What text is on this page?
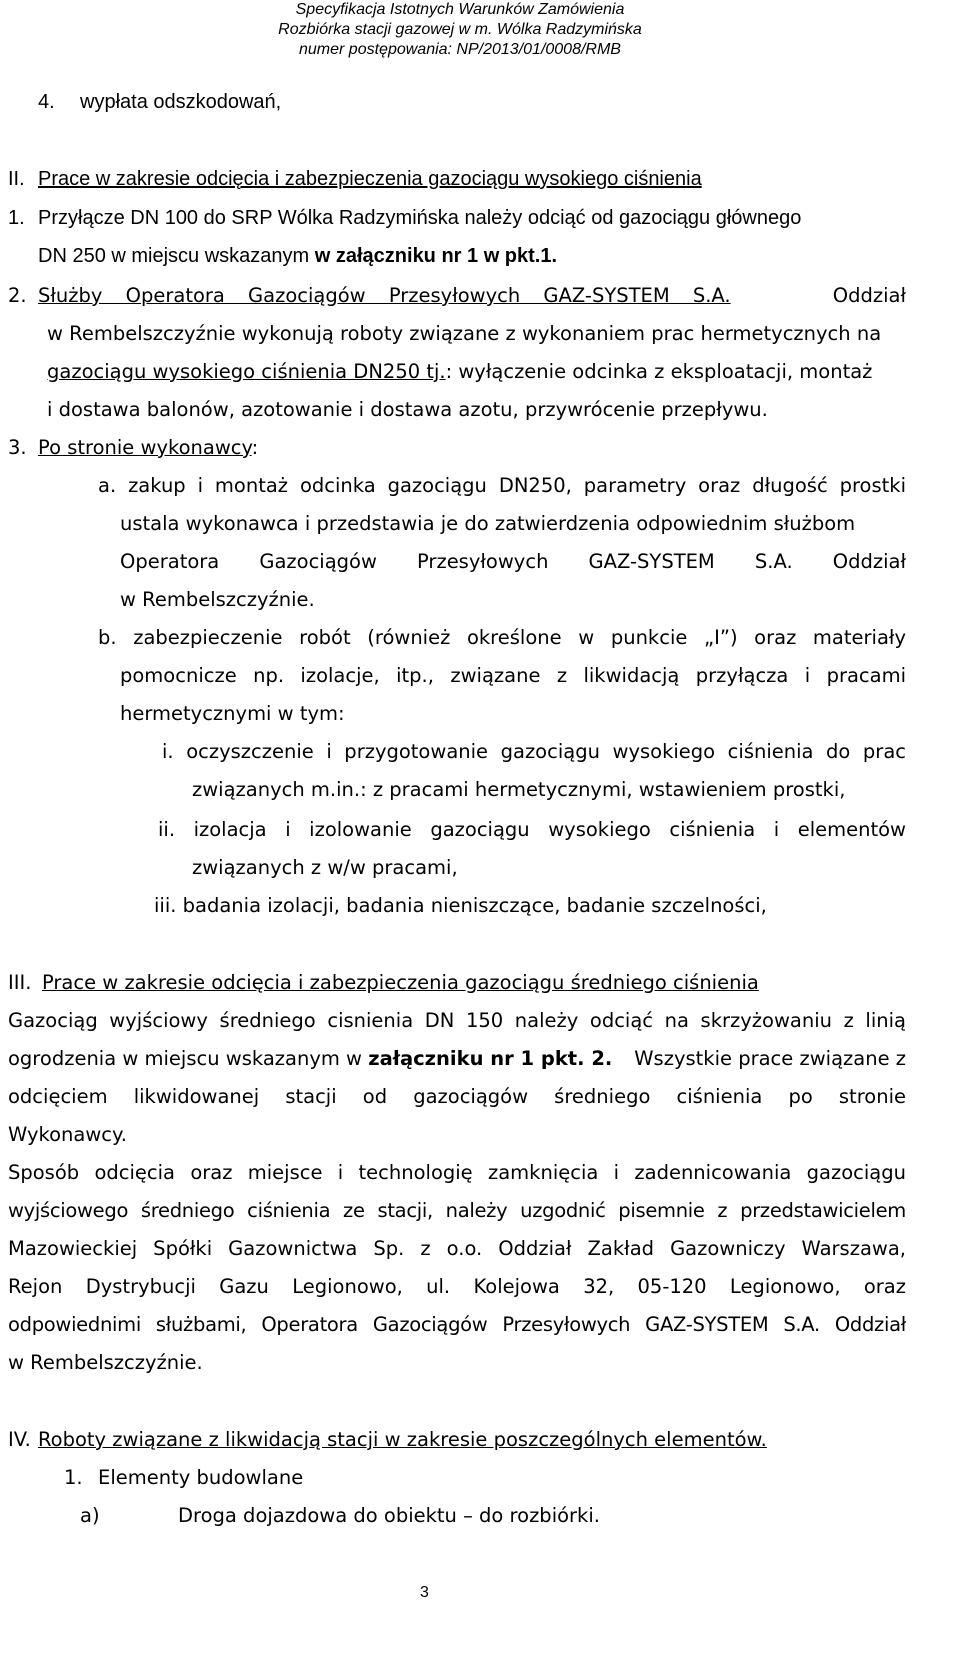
Specyfikacja Istotnych Warunków Zamówienia
Rozbiórka stacji gazowej w m. Wólka Radzymińska
numer postępowania: NP/2013/01/0008/RMB
4. wypłata odszkodowań,
II. Prace w zakresie odcięcia i zabezpieczenia gazociągu wysokiego ciśnienia
1. Przyłącze DN 100 do SRP Wólka Radzymińska należy odciąć od gazociągu głównego
DN 250 w miejscu wskazanym w załączniku nr 1 w pkt.1.
2. Służby Operatora Gazociągów Przesyłowych GAZ-SYSTEM S.A.	Oddział
w Rembelszczyźnie wykonują roboty związane z wykonaniem prac hermetycznych na
gazociągu wysokiego ciśnienia DN250 tj.: wyłączenie odcinka z eksploatacji, montaż
i dostawa balonów, azotowanie i dostawa azotu, przywrócenie przepływu.
3. Po stronie wykonawcy:
a. zakup i montaż odcinka gazociągu DN250, parametry oraz długość prostki
ustala wykonawca i przedstawia je do zatwierdzenia odpowiednim służbom
Operatora Gazociągów Przesyłowych GAZ-SYSTEM S.A. Oddział
w Rembelszczyźnie.
b. zabezpieczenie robót (również określone w punkcie „I”) oraz materiały
pomocnicze np. izolacje, itp., związane z likwidacją przyłącza i pracami
hermetycznymi w tym:
i. oczyszczenie i przygotowanie gazociągu wysokiego ciśnienia do prac
związanych m.in.: z pracami hermetycznymi, wstawieniem prostki,
ii. izolacja i izolowanie gazociągu wysokiego ciśnienia i elementów
związanych z w/w pracami,
iii. badania izolacji, badania nieniszczące, badanie szczelności,
III. Prace w zakresie odcięcia i zabezpieczenia gazociągu średniego ciśnienia
Gazociąg wyjściowy średniego cisnienia DN 150 należy odciąć na skrzyżowaniu z linią
ogrodzenia w miejscu wskazanym w załączniku nr 1 pkt. 2. Wszystkie prace związane z
odcięciem likwidowanej stacji od gazociągów średniego ciśnienia po stronie
Wykonawcy.
Sposób odcięcia oraz miejsce i technologię zamknięcia i zadennicowania gazociągu
wyjściowego średniego ciśnienia ze stacji, należy uzgodnić pisemnie z przedstawicielem
Mazowieckiej Spółki Gazownictwa Sp. z o.o. Oddział Zakład Gazowniczy Warszawa,
Rejon Dystrybucji Gazu Legionowo, ul. Kolejowa 32, 05-120 Legionowo, oraz
odpowiednimi służbami, Operatora Gazociągów Przesyłowych GAZ-SYSTEM S.A. Oddział
w Rembelszczyźnie.
IV. Roboty związane z likwidacją stacji w zakresie poszczególnych elementów.
1. Elementy budowlane
a)	Droga dojazdowa do obiektu – do rozbiórki.
3
